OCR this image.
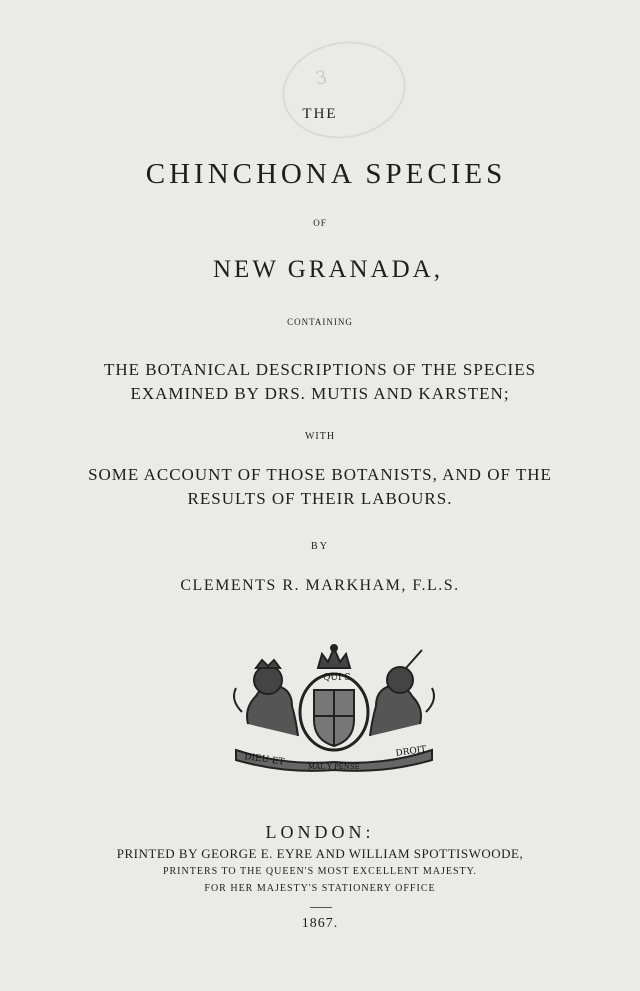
3
THE
CHINCHONA SPECIES
OF
NEW GRANADA,
CONTAINING
THE BOTANICAL DESCRIPTIONS OF THE SPECIES
EXAMINED BY DRS. MUTIS AND KARSTEN;
WITH
SOME ACCOUNT OF THOSE BOTANISTS, AND OF THE
RESULTS OF THEIR LABOURS.
BY
CLEMENTS R. MARKHAM, F.L.S.
QUI S
DIEU ET
DROIT
MAL Y PENSE
LONDON:
PRINTED BY GEORGE E. EYRE AND WILLIAM SPOTTISWOODE,
PRINTERS TO THE QUEEN'S MOST EXCELLENT MAJESTY.
FOR HER MAJESTY'S STATIONERY OFFICE
1867.
